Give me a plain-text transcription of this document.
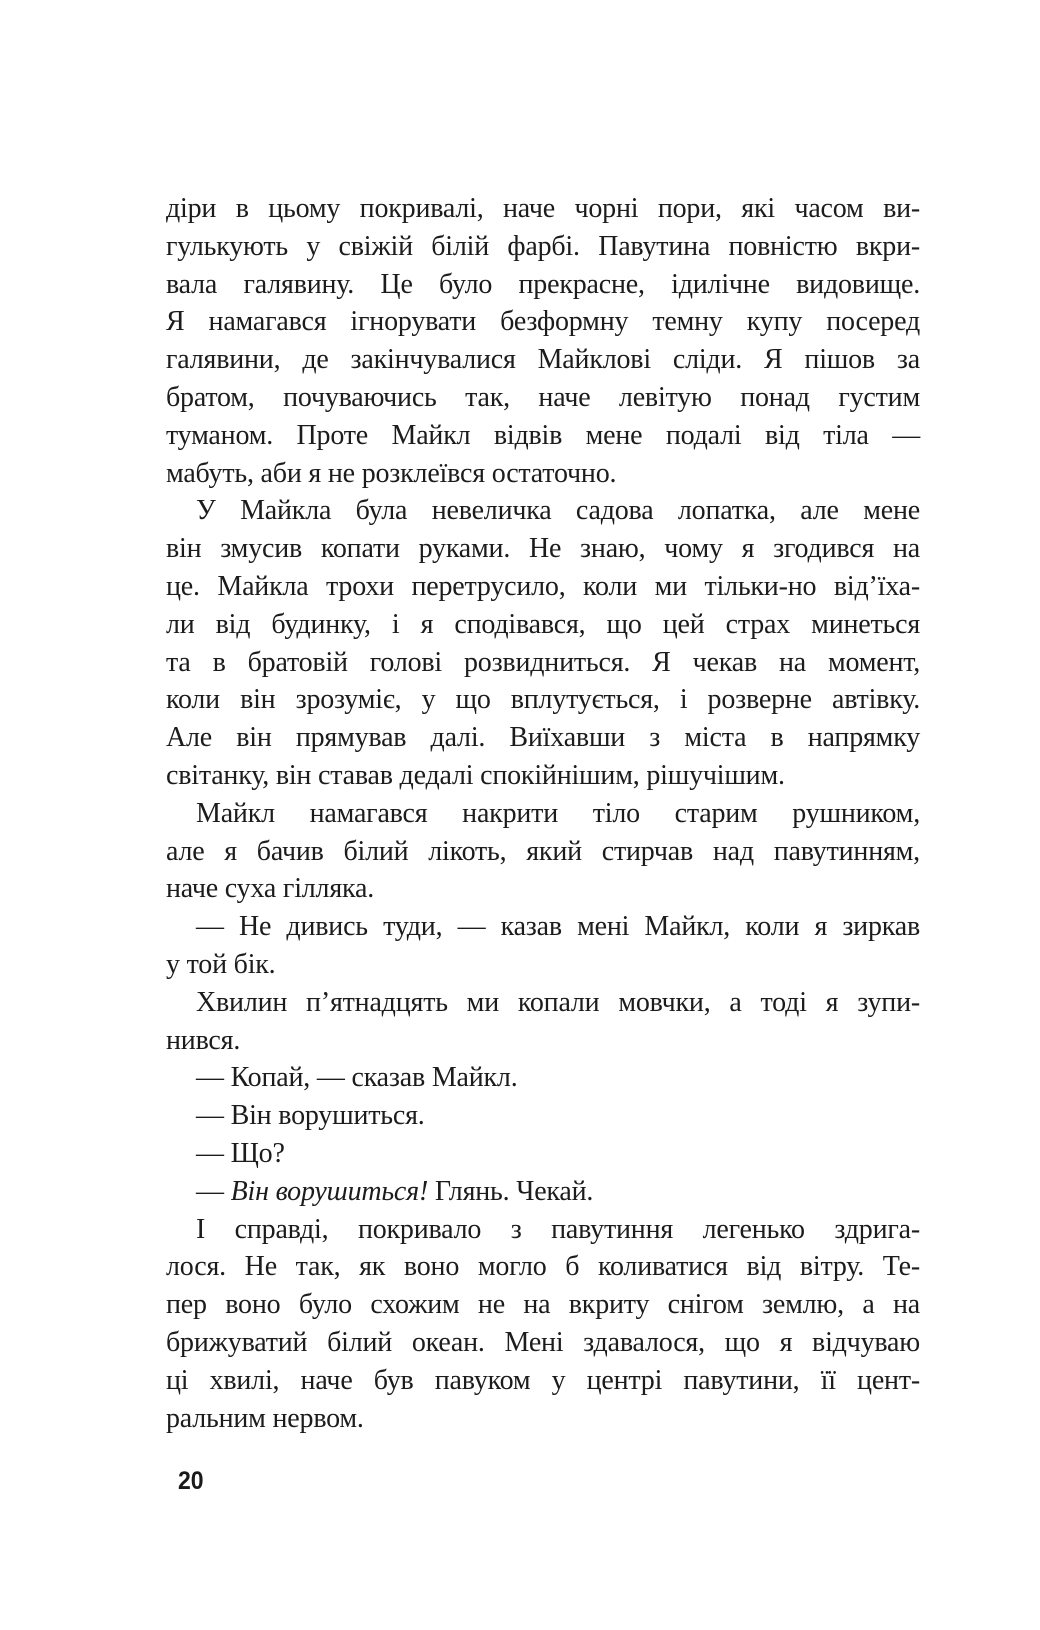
діри в цьому покривалі, наче чорні пори, які часом ви-
гулькують у свіжій білій фарбі. Павутина повністю вкри-
вала галявину. Це було прекрасне, ідилічне видовище.
Я намагався ігнорувати безформну темну купу посеред
галявини, де закінчувалися Майклові сліди. Я пішов за
братом, почуваючись так, наче левітую понад густим
туманом. Проте Майкл відвів мене подалі від тіла —
мабуть, аби я не розклеївся остаточно.
У Майкла була невеличка садова лопатка, але мене
він змусив копати руками. Не знаю, чому я згодився на
це. Майкла трохи перетрусило, коли ми тільки-но від’їха-
ли від будинку, і я сподівався, що цей страх минеться
та в братовій голові розвидниться. Я чекав на момент,
коли він зрозуміє, у що вплутується, і розверне автівку.
Але він прямував далі. Виїхавши з міста в напрямку
світанку, він ставав дедалі спокійнішим, рішучішим.
Майкл намагався накрити тіло старим рушником,
але я бачив білий лікоть, який стирчав над павутинням,
наче суха гілляка.
— Не дивись туди, — казав мені Майкл, коли я зиркав
у той бік.
Хвилин п’ятнадцять ми копали мовчки, а тоді я зупи-
нився.
— Копай, — сказав Майкл.
— Він ворушиться.
— Що?
— Він ворушиться! Глянь. Чекай.
І справді, покривало з павутиння легенько здрига-
лося. Не так, як воно могло б коливатися від вітру. Те-
пер воно було схожим не на вкриту снігом землю, а на
брижуватий білий океан. Мені здавалося, що я відчуваю
ці хвилі, наче був павуком у центрі павутини, її цент-
ральним нервом.
20
